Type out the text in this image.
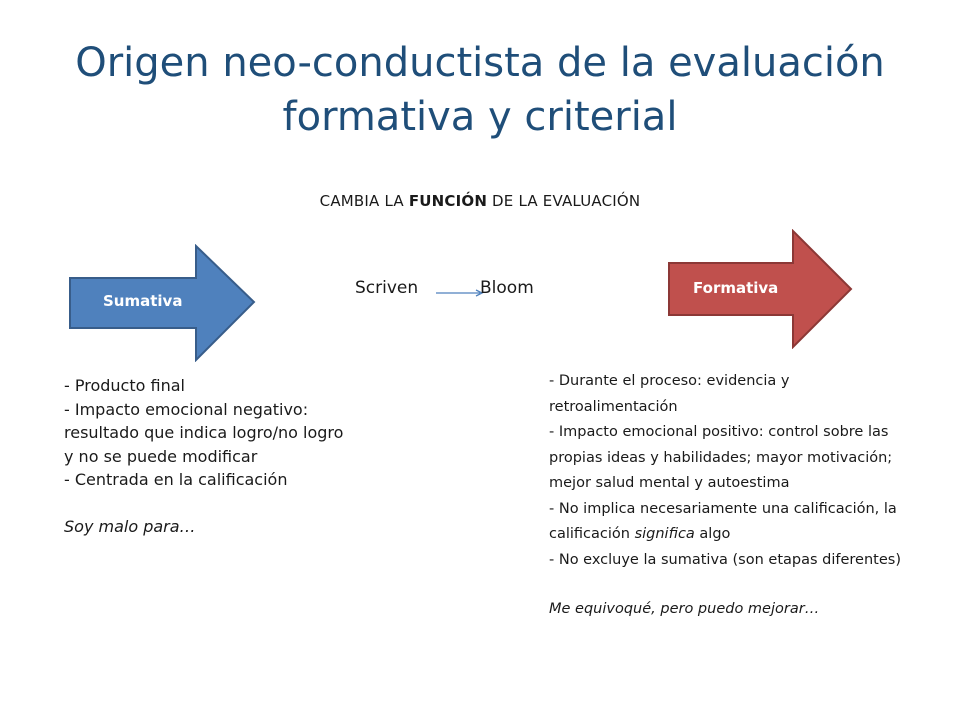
Origen neo-conductista de la evaluación formativa y criterial
CAMBIA LA FUNCIÓN DE LA EVALUACIÓN
Sumativa
Formativa
Scriven	Bloom
- Producto final
- Impacto emocional negativo: resultado que indica logro/no logro y no se puede modificar
- Centrada en la calificación
Soy malo para…
- Durante el proceso: evidencia y retroalimentación
- Impacto emocional positivo: control sobre las propias ideas y habilidades; mayor motivación; mejor salud mental y autoestima
- No implica necesariamente una calificación, la calificación significa algo
- No excluye la sumativa (son etapas diferentes)
Me equivoqué, pero puedo mejorar…
